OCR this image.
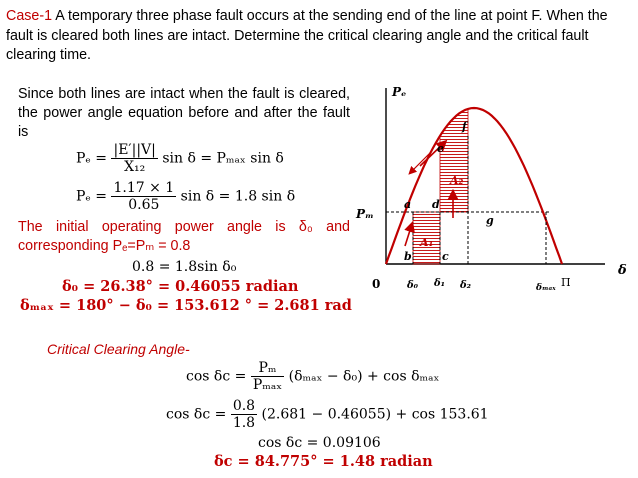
Case-1 A temporary three phase fault occurs at the sending end of the line at point F. When the fault is cleared both lines are intact. Determine the critical clearing angle and the critical fault clearing time.
Since both lines are intact when the fault is cleared, the power angle equation before and after the fault is
$P_e = \frac{|E'||V|}{\text{X₁₂}}$ sin δ = Pₘₐₓ sin δ
$P_e = \frac{1.17 \times 1}{0.65}$ sin δ = 1.8 sin δ
The initial operating power angle is δ₀ and corresponding Pₑ=Pₘ = 0.8
0.8 = 1.8sin δ₀
δ₀ = 26.38° = 0.46055 radian
δₘₐₓ = 180° − δ₀ = 153.612 ° = 2.681 rad
Critical Clearing Angle-
$\cos \delta c = \frac{\text{Pₘ}}{\text{Pₘₐₓ}} (\delta_{max} - \delta_0) + \cos \delta_{max}$
$\cos \delta c = \frac{0.8}{1.8} (2.681 - 0.46055) + \cos 153.61$
cos δc = 0.09106
δc = 84.775° = 1.48 radian
Pₑ
δ
Pₘ
0
a
b	c
d
e
f
g
A₂
A₁
δ₀ δ₁ δ₂	δₘₐₓ Π
